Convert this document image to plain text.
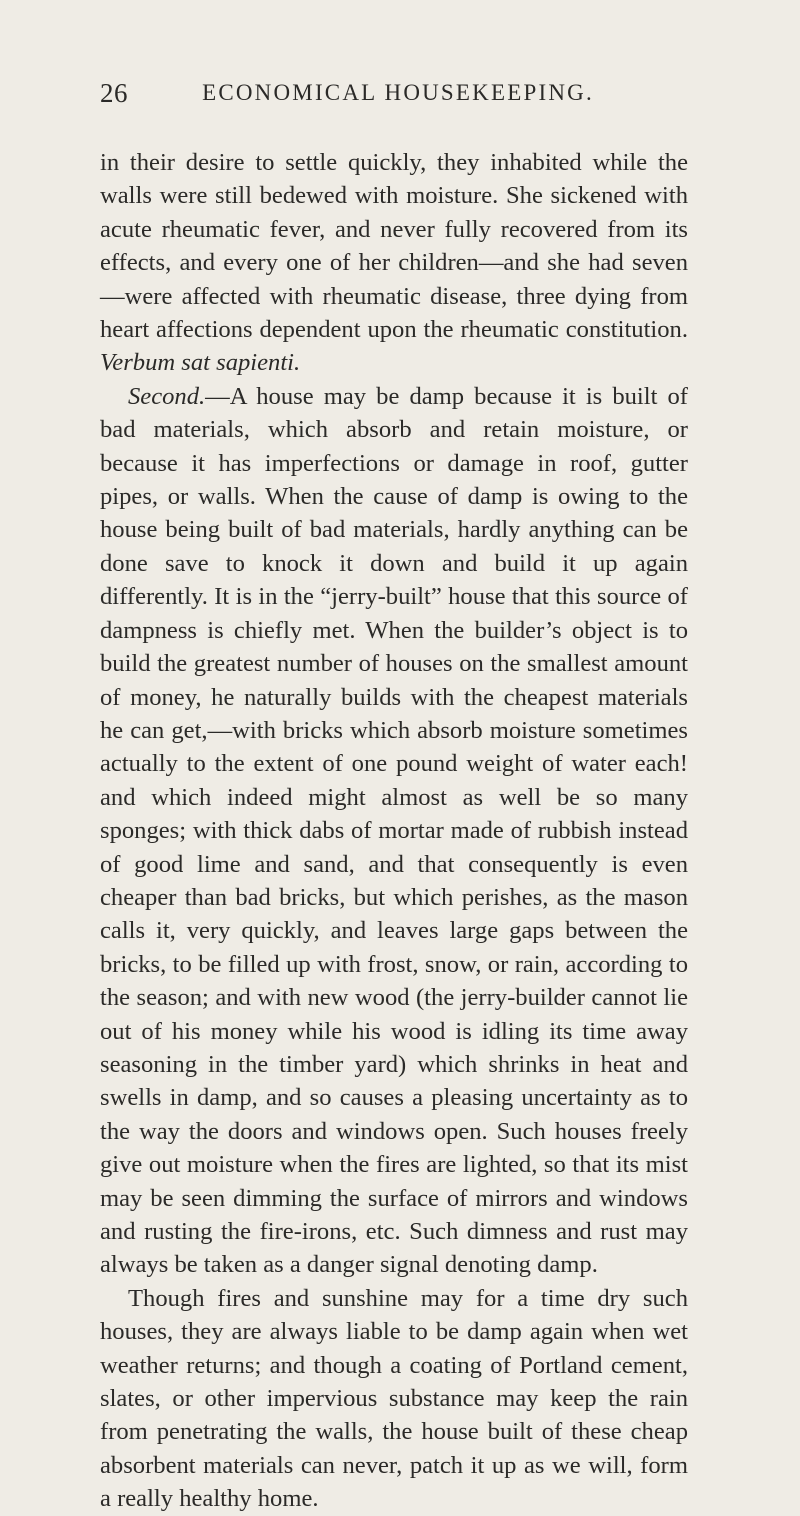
26	ECONOMICAL HOUSEKEEPING.

in their desire to settle quickly, they inhabited while the walls were still bedewed with moisture. She sickened with acute rheumatic fever, and never fully recovered from its effects, and every one of her children—and she had seven —were affected with rheumatic disease, three dying from heart affections dependent upon the rheumatic constitution. Verbum sat sapienti.

Second.—A house may be damp because it is built of bad materials, which absorb and retain moisture, or because it has imperfections or damage in roof, gutter pipes, or walls. When the cause of damp is owing to the house being built of bad materials, hardly anything can be done save to knock it down and build it up again differently. It is in the “jerry-built” house that this source of dampness is chiefly met. When the builder’s object is to build the greatest number of houses on the smallest amount of money, he naturally builds with the cheapest materials he can get,—with bricks which absorb moisture sometimes actually to the extent of one pound weight of water each! and which indeed might almost as well be so many sponges; with thick dabs of mortar made of rubbish instead of good lime and sand, and that consequently is even cheaper than bad bricks, but which perishes, as the mason calls it, very quickly, and leaves large gaps between the bricks, to be filled up with frost, snow, or rain, according to the season; and with new wood (the jerry-builder cannot lie out of his money while his wood is idling its time away seasoning in the timber yard) which shrinks in heat and swells in damp, and so causes a pleasing uncertainty as to the way the doors and windows open. Such houses freely give out moisture when the fires are lighted, so that its mist may be seen dimming the surface of mirrors and windows and rusting the fire-irons, etc. Such dimness and rust may always be taken as a danger signal denoting damp.

Though fires and sunshine may for a time dry such houses, they are always liable to be damp again when wet weather returns; and though a coating of Portland cement, slates, or other impervious substance may keep the rain from penetrating the walls, the house built of these cheap absorbent materials can never, patch it up as we will, form a really healthy home.
